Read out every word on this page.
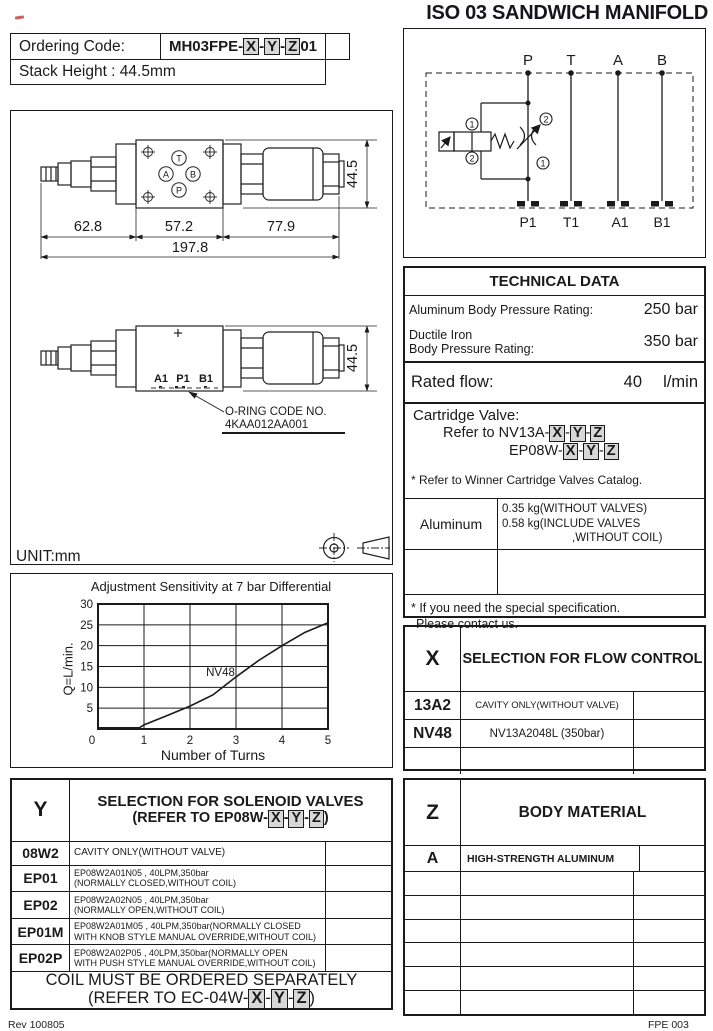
ISO 03 SANDWICH MANIFOLD
Ordering Code:	MH03FPE- X - Y - Z 01
Stack Height : 44.5mm
T
A B
P
62.8	57.2	77.9
197.8
44.5
A1 P1 B1
O-RING CODE NO.
4KAA012AA001
44.5
UNIT:mm
Adjustment Sensitivity at 7 bar Differential
Q=L/min.
Number of Turns
0	1	2	3	4	5
5
10
15
20
25
30
NV48
P T A B
P1 T1 A1 B1
1
2
2
1
TECHNICAL DATA
Aluminum Body Pressure Rating:	250 bar
Ductile Iron
Body Pressure Rating:	350 bar
Rated flow:	40	l/min
Cartridge Valve:
Refer to NV13A- X - Y - Z
EP08W- X - Y - Z
* Refer to Winner Cartridge Valves Catalog.
Aluminum
0.35 kg(WITHOUT VALVES)
0.58 kg(INCLUDE VALVES
,WITHOUT COIL)
* If you need the special specification.
Please contact us.
X	SELECTION FOR FLOW CONTROL
13A2	CAVITY ONLY(WITHOUT VALVE)
NV48	NV13A2048L (350bar)
Y	SELECTION FOR SOLENOID VALVES
(REFER TO EP08W- X - Y - Z )
08W2	CAVITY ONLY(WITHOUT VALVE)
EP01	EP08W2A01N05 , 40LPM,350bar
(NORMALLY CLOSED,WITHOUT COIL)
EP02	EP08W2A02N05 , 40LPM,350bar
(NORMALLY OPEN,WITHOUT COIL)
EP01M	EP08W2A01M05 , 40LPM,350bar(NORMALLY CLOSED
WITH KNOB STYLE MANUAL OVERRIDE,WITHOUT COIL)
EP02P	EP08W2A02P05 , 40LPM,350bar(NORMALLY OPEN
WITH PUSH STYLE MANUAL OVERRIDE,WITHOUT COIL)
COIL MUST BE ORDERED SEPARATELY
(REFER TO EC-04W- X - Y - Z )
Z	BODY MATERIAL
A	HIGH-STRENGTH ALUMINUM
Rev 100805	FPE 003
